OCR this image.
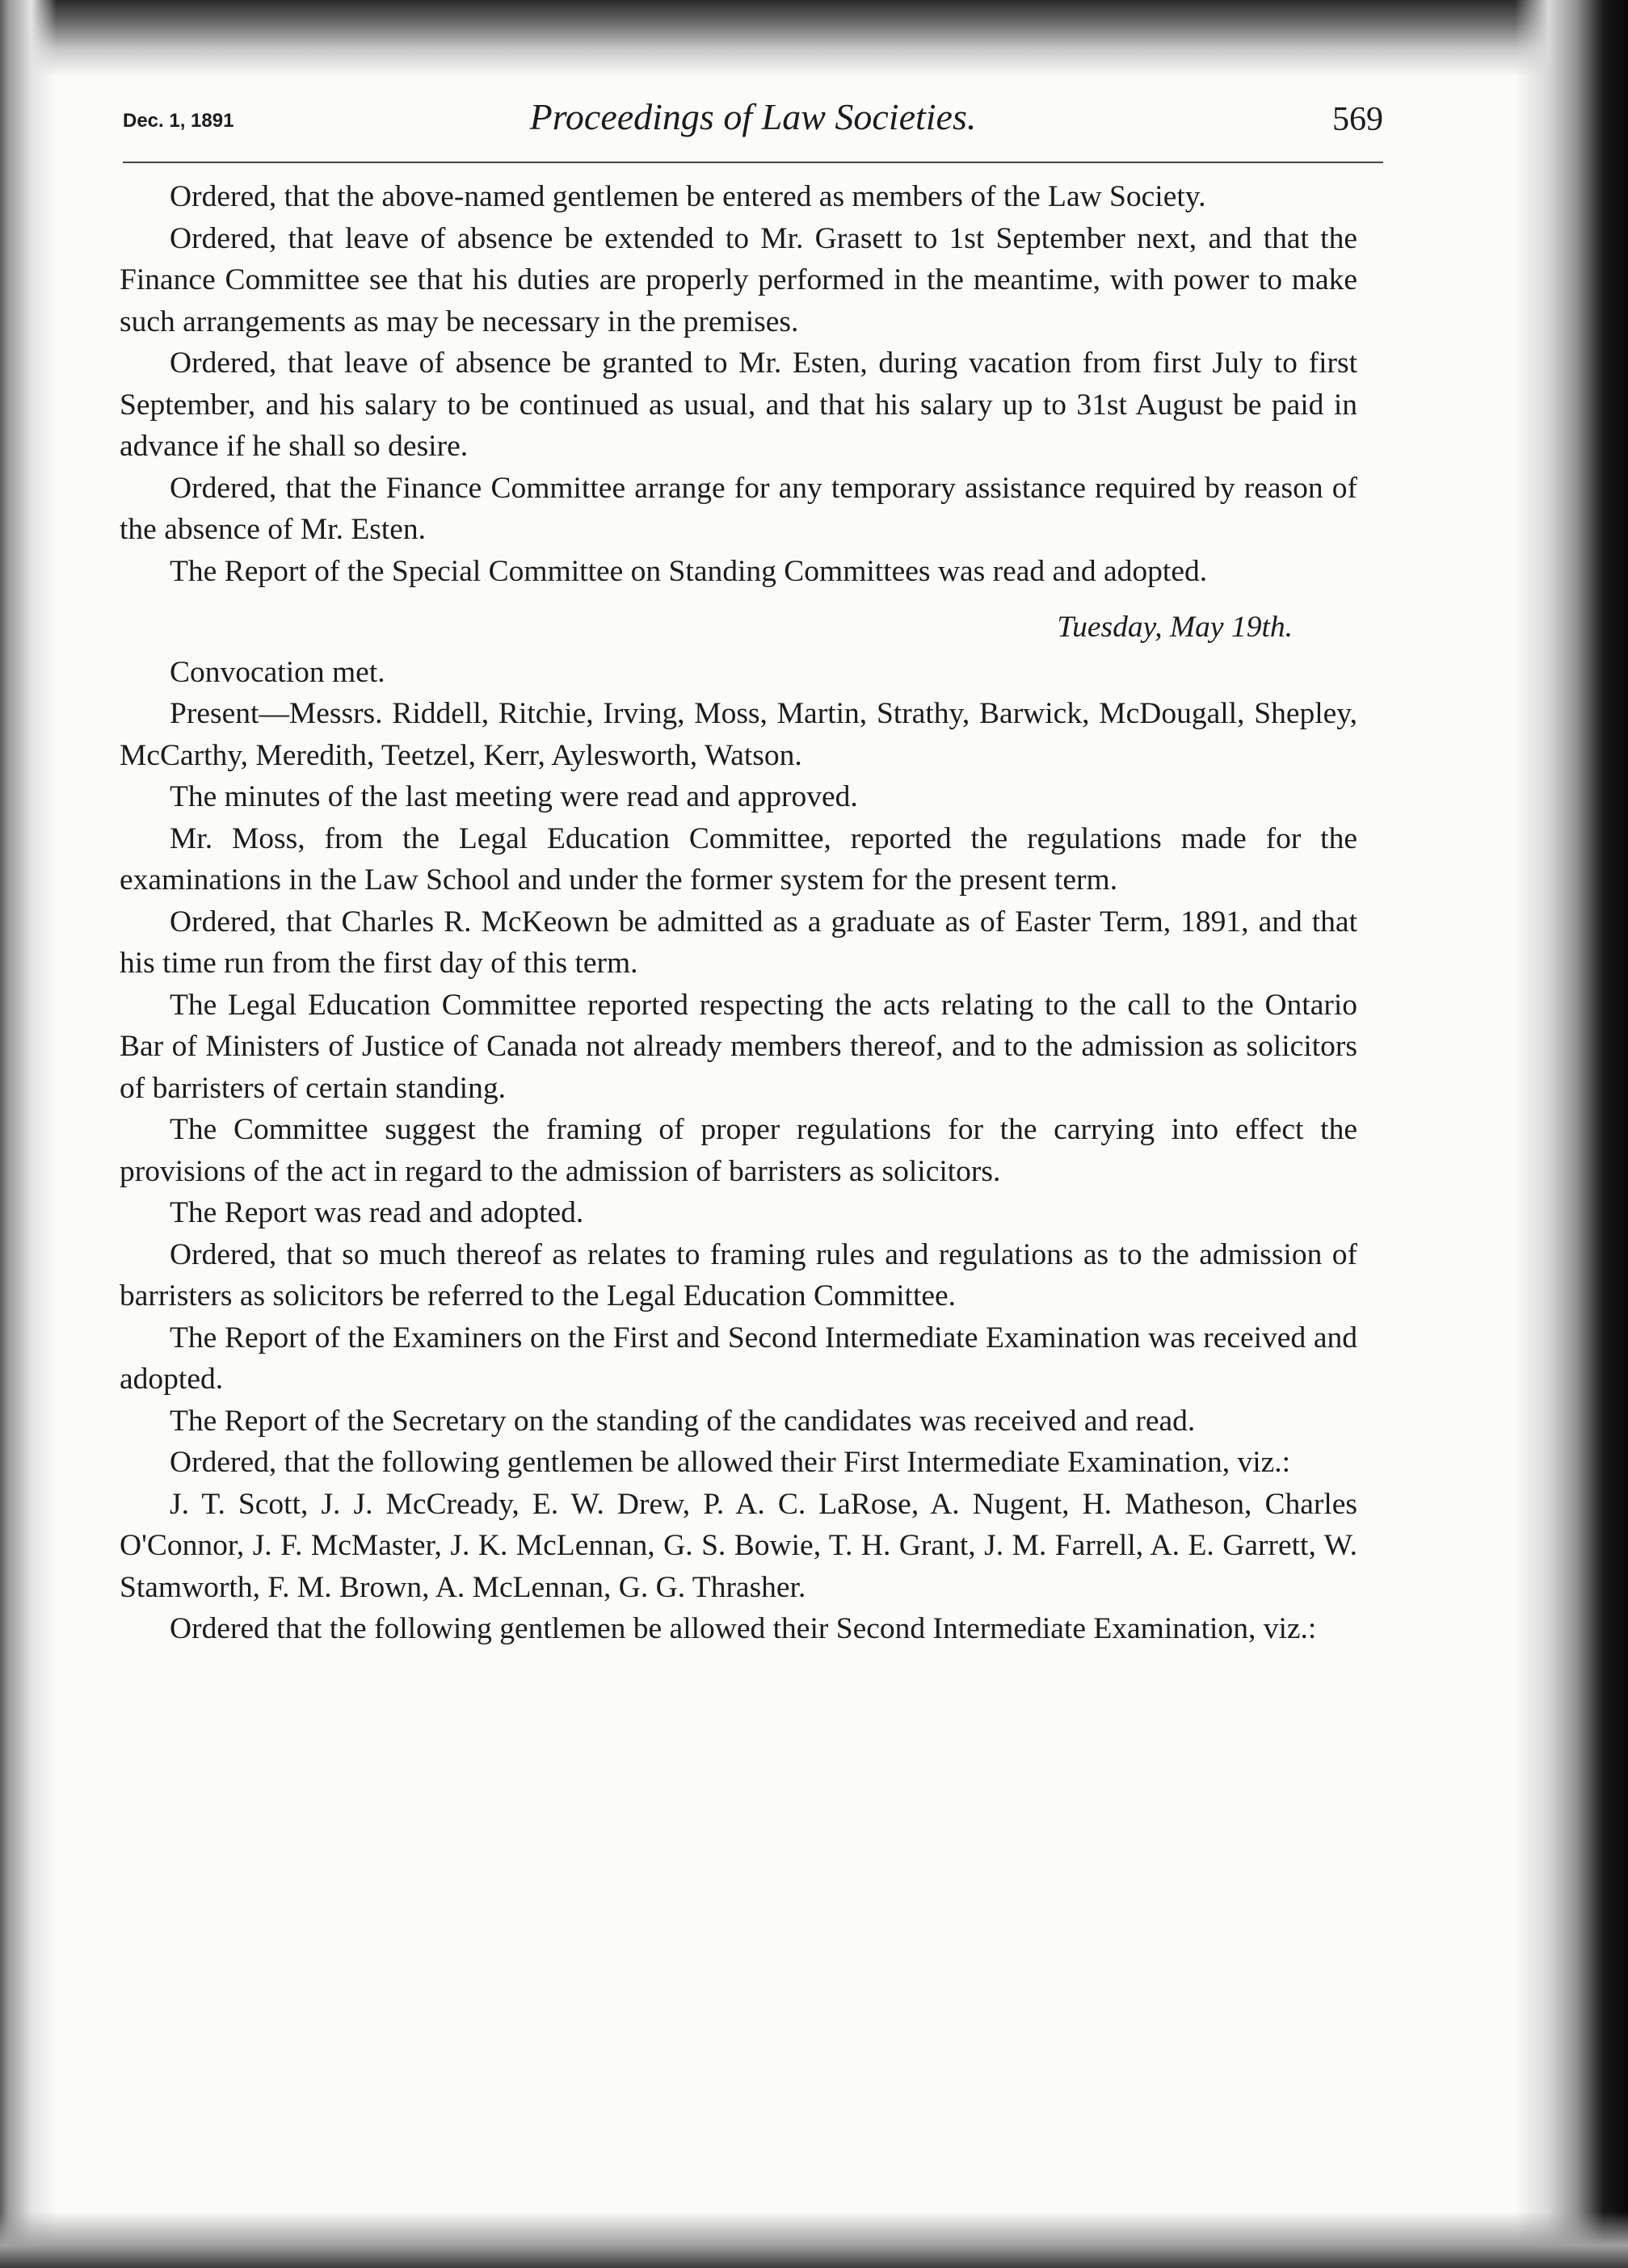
Dec. 1, 1891	Proceedings of Law Societies.	569

Ordered, that the above-named gentlemen be entered as members of the Law Society.

Ordered, that leave of absence be extended to Mr. Grasett to 1st September next, and that the Finance Committee see that his duties are properly performed in the meantime, with power to make such arrangements as may be necessary in the premises.

Ordered, that leave of absence be granted to Mr. Esten, during vacation from first July to first September, and his salary to be continued as usual, and that his salary up to 31st August be paid in advance if he shall so desire.

Ordered, that the Finance Committee arrange for any temporary assistance required by reason of the absence of Mr. Esten.

The Report of the Special Committee on Standing Committees was read and adopted.

Tuesday, May 19th.

Convocation met.

Present—Messrs. Riddell, Ritchie, Irving, Moss, Martin, Strathy, Barwick, McDougall, Shepley, McCarthy, Meredith, Teetzel, Kerr, Aylesworth, Watson.

The minutes of the last meeting were read and approved.

Mr. Moss, from the Legal Education Committee, reported the regulations made for the examinations in the Law School and under the former system for the present term.

Ordered, that Charles R. McKeown be admitted as a graduate as of Easter Term, 1891, and that his time run from the first day of this term.

The Legal Education Committee reported respecting the acts relating to the call to the Ontario Bar of Ministers of Justice of Canada not already members thereof, and to the admission as solicitors of barristers of certain standing.

The Committee suggest the framing of proper regulations for the carrying into effect the provisions of the act in regard to the admission of barristers as solicitors.

The Report was read and adopted.

Ordered, that so much thereof as relates to framing rules and regulations as to the admission of barristers as solicitors be referred to the Legal Education Committee.

The Report of the Examiners on the First and Second Intermediate Examination was received and adopted.

The Report of the Secretary on the standing of the candidates was received and read.

Ordered, that the following gentlemen be allowed their First Intermediate Examination, viz.:

J. T. Scott, J. J. McCready, E. W. Drew, P. A. C. LaRose, A. Nugent, H. Matheson, Charles O'Connor, J. F. McMaster, J. K. McLennan, G. S. Bowie, T. H. Grant, J. M. Farrell, A. E. Garrett, W. Stamworth, F. M. Brown, A. McLennan, G. G. Thrasher.

Ordered that the following gentlemen be allowed their Second Intermediate Examination, viz.:
